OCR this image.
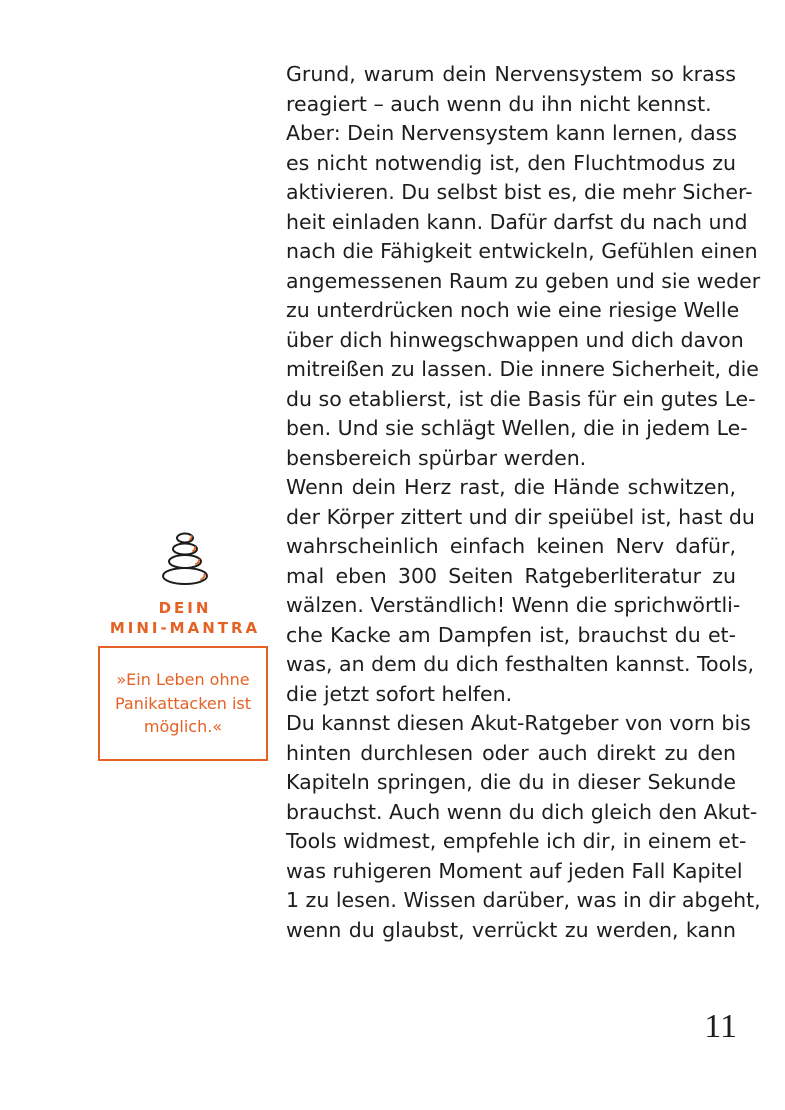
Grund, warum dein Nervensystem so krass
reagiert – auch wenn du ihn nicht kennst.
Aber: Dein Nervensystem kann lernen, dass
es nicht notwendig ist, den Fluchtmodus zu
aktivieren. Du selbst bist es, die mehr Sicher-
heit einladen kann. Dafür darfst du nach und
nach die Fähigkeit entwickeln, Gefühlen einen
angemessenen Raum zu geben und sie weder
zu unterdrücken noch wie eine riesige Welle
über dich hinwegschwappen und dich davon
mitreißen zu lassen. Die innere Sicherheit, die
du so etablierst, ist die Basis für ein gutes Le-
ben. Und sie schlägt Wellen, die in jedem Le-
bensbereich spürbar werden.
Wenn dein Herz rast, die Hände schwitzen,
der Körper zittert und dir speiübel ist, hast du
wahrscheinlich einfach keinen Nerv dafür,
mal eben 300 Seiten Ratgeberliteratur zu
wälzen. Verständlich! Wenn die sprichwörtli-
che Kacke am Dampfen ist, brauchst du et-
was, an dem du dich festhalten kannst. Tools,
die jetzt sofort helfen.
Du kannst diesen Akut-Ratgeber von vorn bis
hinten durchlesen oder auch direkt zu den
Kapiteln springen, die du in dieser Sekunde
brauchst. Auch wenn du dich gleich den Akut-
Tools widmest, empfehle ich dir, in einem et-
was ruhigeren Moment auf jeden Fall Kapitel
1 zu lesen. Wissen darüber, was in dir abgeht,
wenn du glaubst, verrückt zu werden, kann
DEIN
MINI-MANTRA
»Ein Leben ohne
Panikattacken ist
möglich.«
11
